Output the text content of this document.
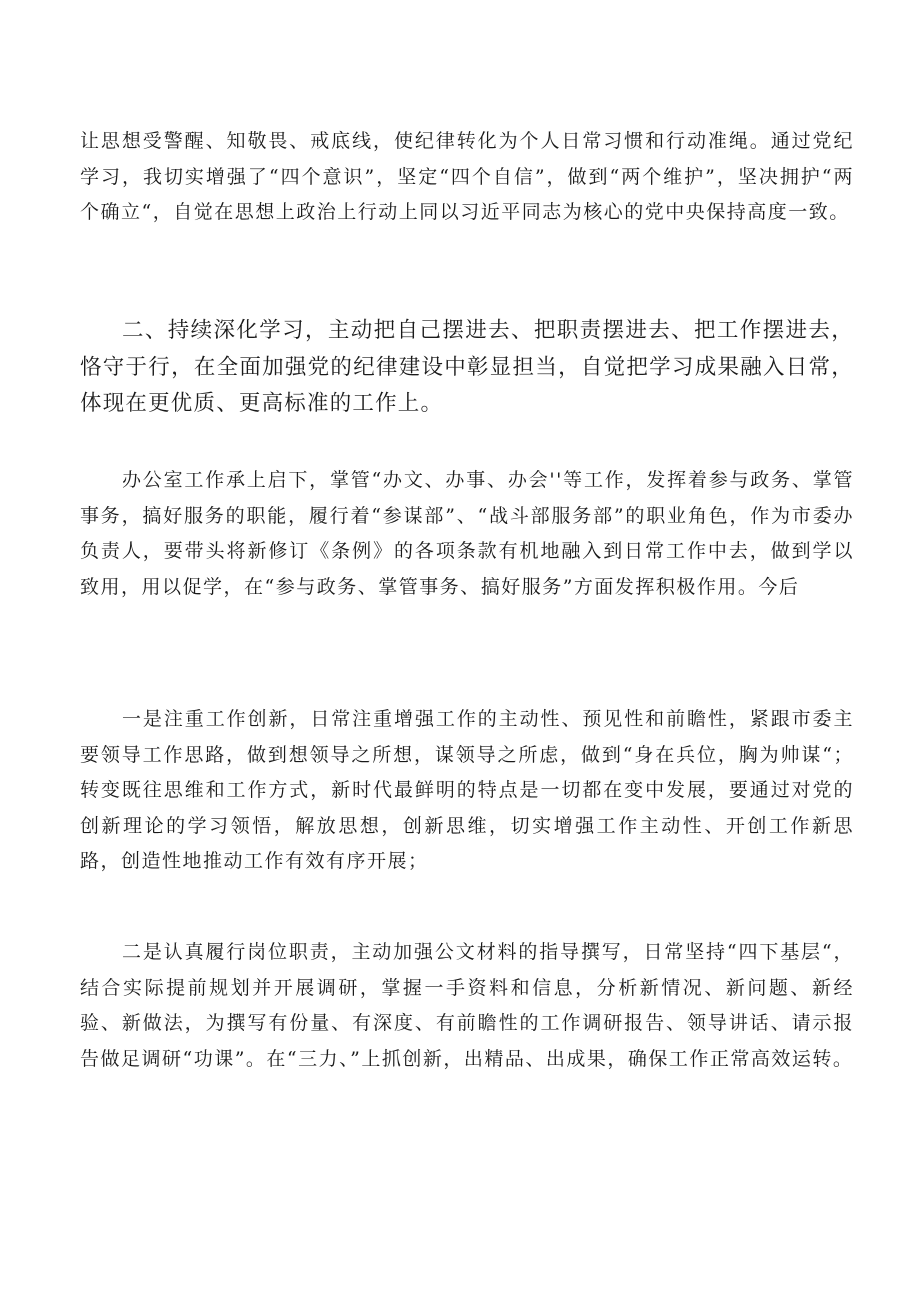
让思想受警醒、知敬畏、戒底线，使纪律转化为个人日常习惯和行动准绳。通过党纪学习，我切实增强了“四个意识”，坚定“四个自信”，做到“两个维护”，坚决拥护“两个确立“，自觉在思想上政治上行动上同以习近平同志为核心的党中央保持高度一致。

二、持续深化学习，主动把自己摆进去、把职责摆进去、把工作摆进去，恪守于行，在全面加强党的纪律建设中彰显担当，自觉把学习成果融入日常，体现在更优质、更高标准的工作上。

办公室工作承上启下，掌管“办文、办事、办会''等工作，发挥着参与政务、掌管事务，搞好服务的职能，履行着“参谋部”、“战斗部服务部”的职业角色，作为市委办负责人，要带头将新修订《条例》的各项条款有机地融入到日常工作中去，做到学以致用，用以促学，在“参与政务、掌管事务、搞好服务”方面发挥积极作用。今后

一是注重工作创新，日常注重增强工作的主动性、预见性和前瞻性，紧跟市委主要领导工作思路，做到想领导之所想，谋领导之所虑，做到“身在兵位，胸为帅谋“；转变既往思维和工作方式，新时代最鲜明的特点是一切都在变中发展，要通过对党的创新理论的学习领悟，解放思想，创新思维，切实增强工作主动性、开创工作新思路，创造性地推动工作有效有序开展；

二是认真履行岗位职责，主动加强公文材料的指导撰写，日常坚持“四下基层“，结合实际提前规划并开展调研，掌握一手资料和信息，分析新情况、新问题、新经验、新做法，为撰写有份量、有深度、有前瞻性的工作调研报告、领导讲话、请示报告做足调研“功课”。在“三力、”上抓创新，出精品、出成果，确保工作正常高效运转。
